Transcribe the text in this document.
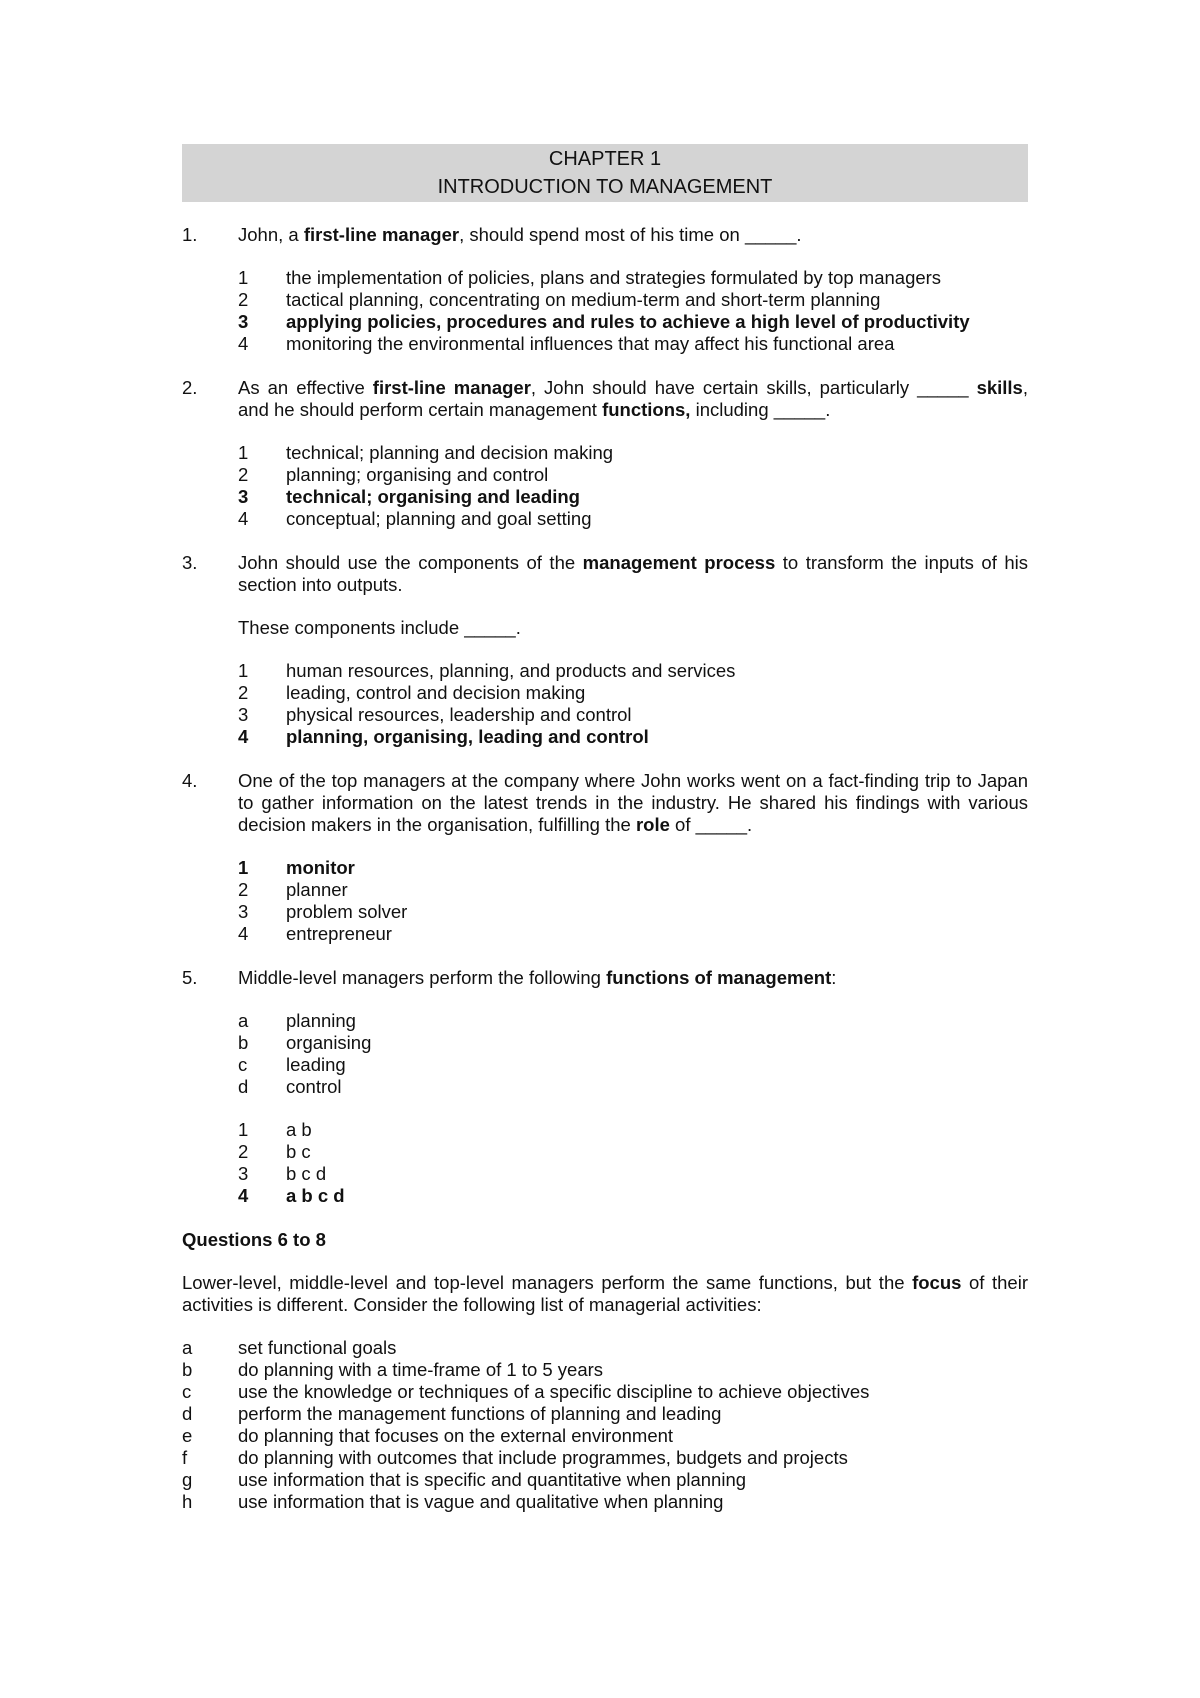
CHAPTER 1
INTRODUCTION TO MANAGEMENT
1.	John, a first-line manager, should spend most of his time on _____.
1	the implementation of policies, plans and strategies formulated by top managers
2	tactical planning, concentrating on medium-term and short-term planning
3 applying policies, procedures and rules to achieve a high level of productivity
4	monitoring the environmental influences that may affect his functional area
2.	As an effective first-line manager, John should have certain skills, particularly _____ skills, and he should perform certain management functions, including _____.
1	technical; planning and decision making
2	planning; organising and control
3	technical; organising and leading
4	conceptual; planning and goal setting
3.	John should use the components of the management process to transform the inputs of his section into outputs.
These components include _____.
1	human resources, planning, and products and services
2	leading, control and decision making
3	physical resources, leadership and control
4	planning, organising, leading and control
4.	One of the top managers at the company where John works went on a fact-finding trip to Japan to gather information on the latest trends in the industry. He shared his findings with various decision makers in the organisation, fulfilling the role of _____.
1	monitor
2	planner
3	problem solver
4	entrepreneur
5.	Middle-level managers perform the following functions of management:
a	planning
b	organising
c	leading
d	control
1	a b
2	b c
3	b c d
4	a b c d
Questions 6 to 8
Lower-level, middle-level and top-level managers perform the same functions, but the focus of their activities is different. Consider the following list of managerial activities:
a	set functional goals
b	do planning with a time-frame of 1 to 5 years
c	use the knowledge or techniques of a specific discipline to achieve objectives
d	perform the management functions of planning and leading
e	do planning that focuses on the external environment
f	do planning with outcomes that include programmes, budgets and projects
g	use information that is specific and quantitative when planning
h	use information that is vague and qualitative when planning
